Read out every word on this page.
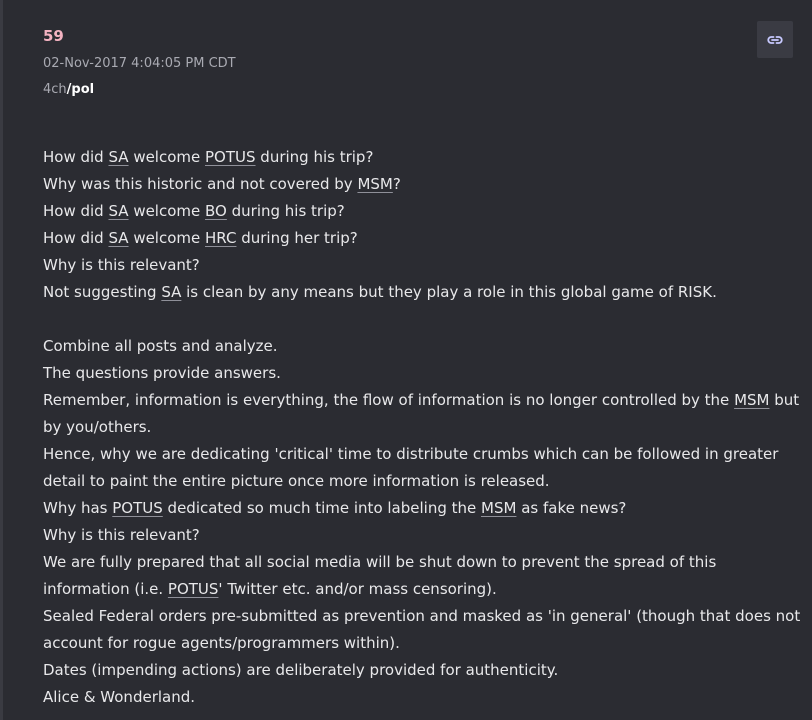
59
02-Nov-2017 4:04:05 PM CDT
4ch/pol
How did SA welcome POTUS during his trip?
Why was this historic and not covered by MSM?
How did SA welcome BO during his trip?
How did SA welcome HRC during her trip?
Why is this relevant?
Not suggesting SA is clean by any means but they play a role in this global game of RISK.
Combine all posts and analyze.
The questions provide answers.
Remember, information is everything, the flow of information is no longer controlled by the MSM but by you/others.
Hence, why we are dedicating 'critical' time to distribute crumbs which can be followed in greater detail to paint the entire picture once more information is released.
Why has POTUS dedicated so much time into labeling the MSM as fake news?
Why is this relevant?
We are fully prepared that all social media will be shut down to prevent the spread of this information (i.e. POTUS' Twitter etc. and/or mass censoring).
Sealed Federal orders pre-submitted as prevention and masked as 'in general' (though that does not account for rogue agents/programmers within).
Dates (impending actions) are deliberately provided for authenticity.
Alice & Wonderland.
